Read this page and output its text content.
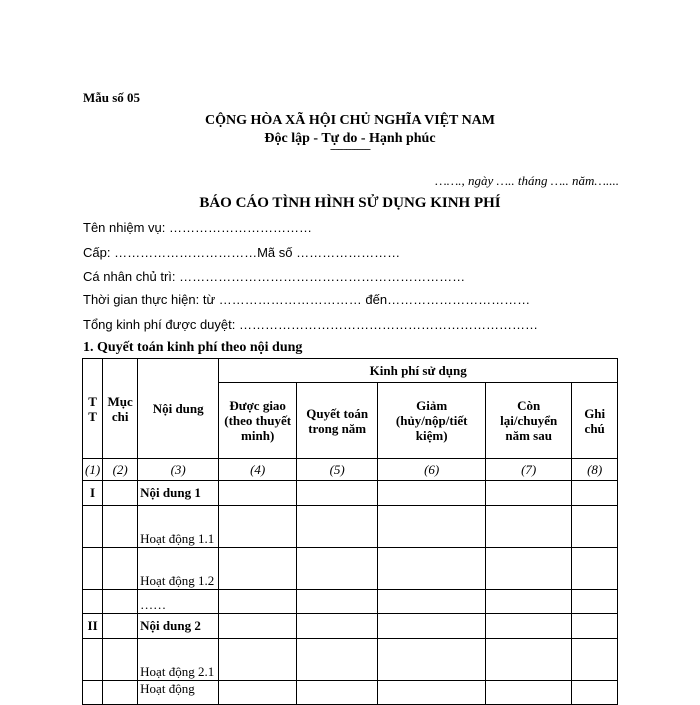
Mẫu số 05
CỘNG HÒA XÃ HỘI CHỦ NGHĨA VIỆT NAM
Độc lập - Tự do - Hạnh phúc
---------------
……., ngày ….. tháng ….. năm…....
BÁO CÁO TÌNH HÌNH SỬ DỤNG KINH PHÍ
Tên nhiệm vụ: ……………………………
Cấp: ……………………………Mã số ……………………
Cá nhân chủ trì: …………………………………………………………
Thời gian thực hiện: từ …………………………… đến……………………………
Tổng kinh phí được duyệt: ……………………………………………………………
1. Quyết toán kinh phí theo nội dung
TT	Mục chi	Nội dung	Kinh phí sử dụng				
			Được giao (theo thuyết minh)	Quyết toán trong năm	Giảm (hủy/nộp/tiết kiệm)	Còn lại/chuyển năm sau	Ghi chú
(1)	(2)	(3)	(4)	(5)	(6)	(7)	(8)
I		Nội dung 1					
		Hoạt động 1.1					
		Hoạt động 1.2					
		……					
II		Nội dung 2					
		Hoạt động 2.1					
		Hoạt động					
